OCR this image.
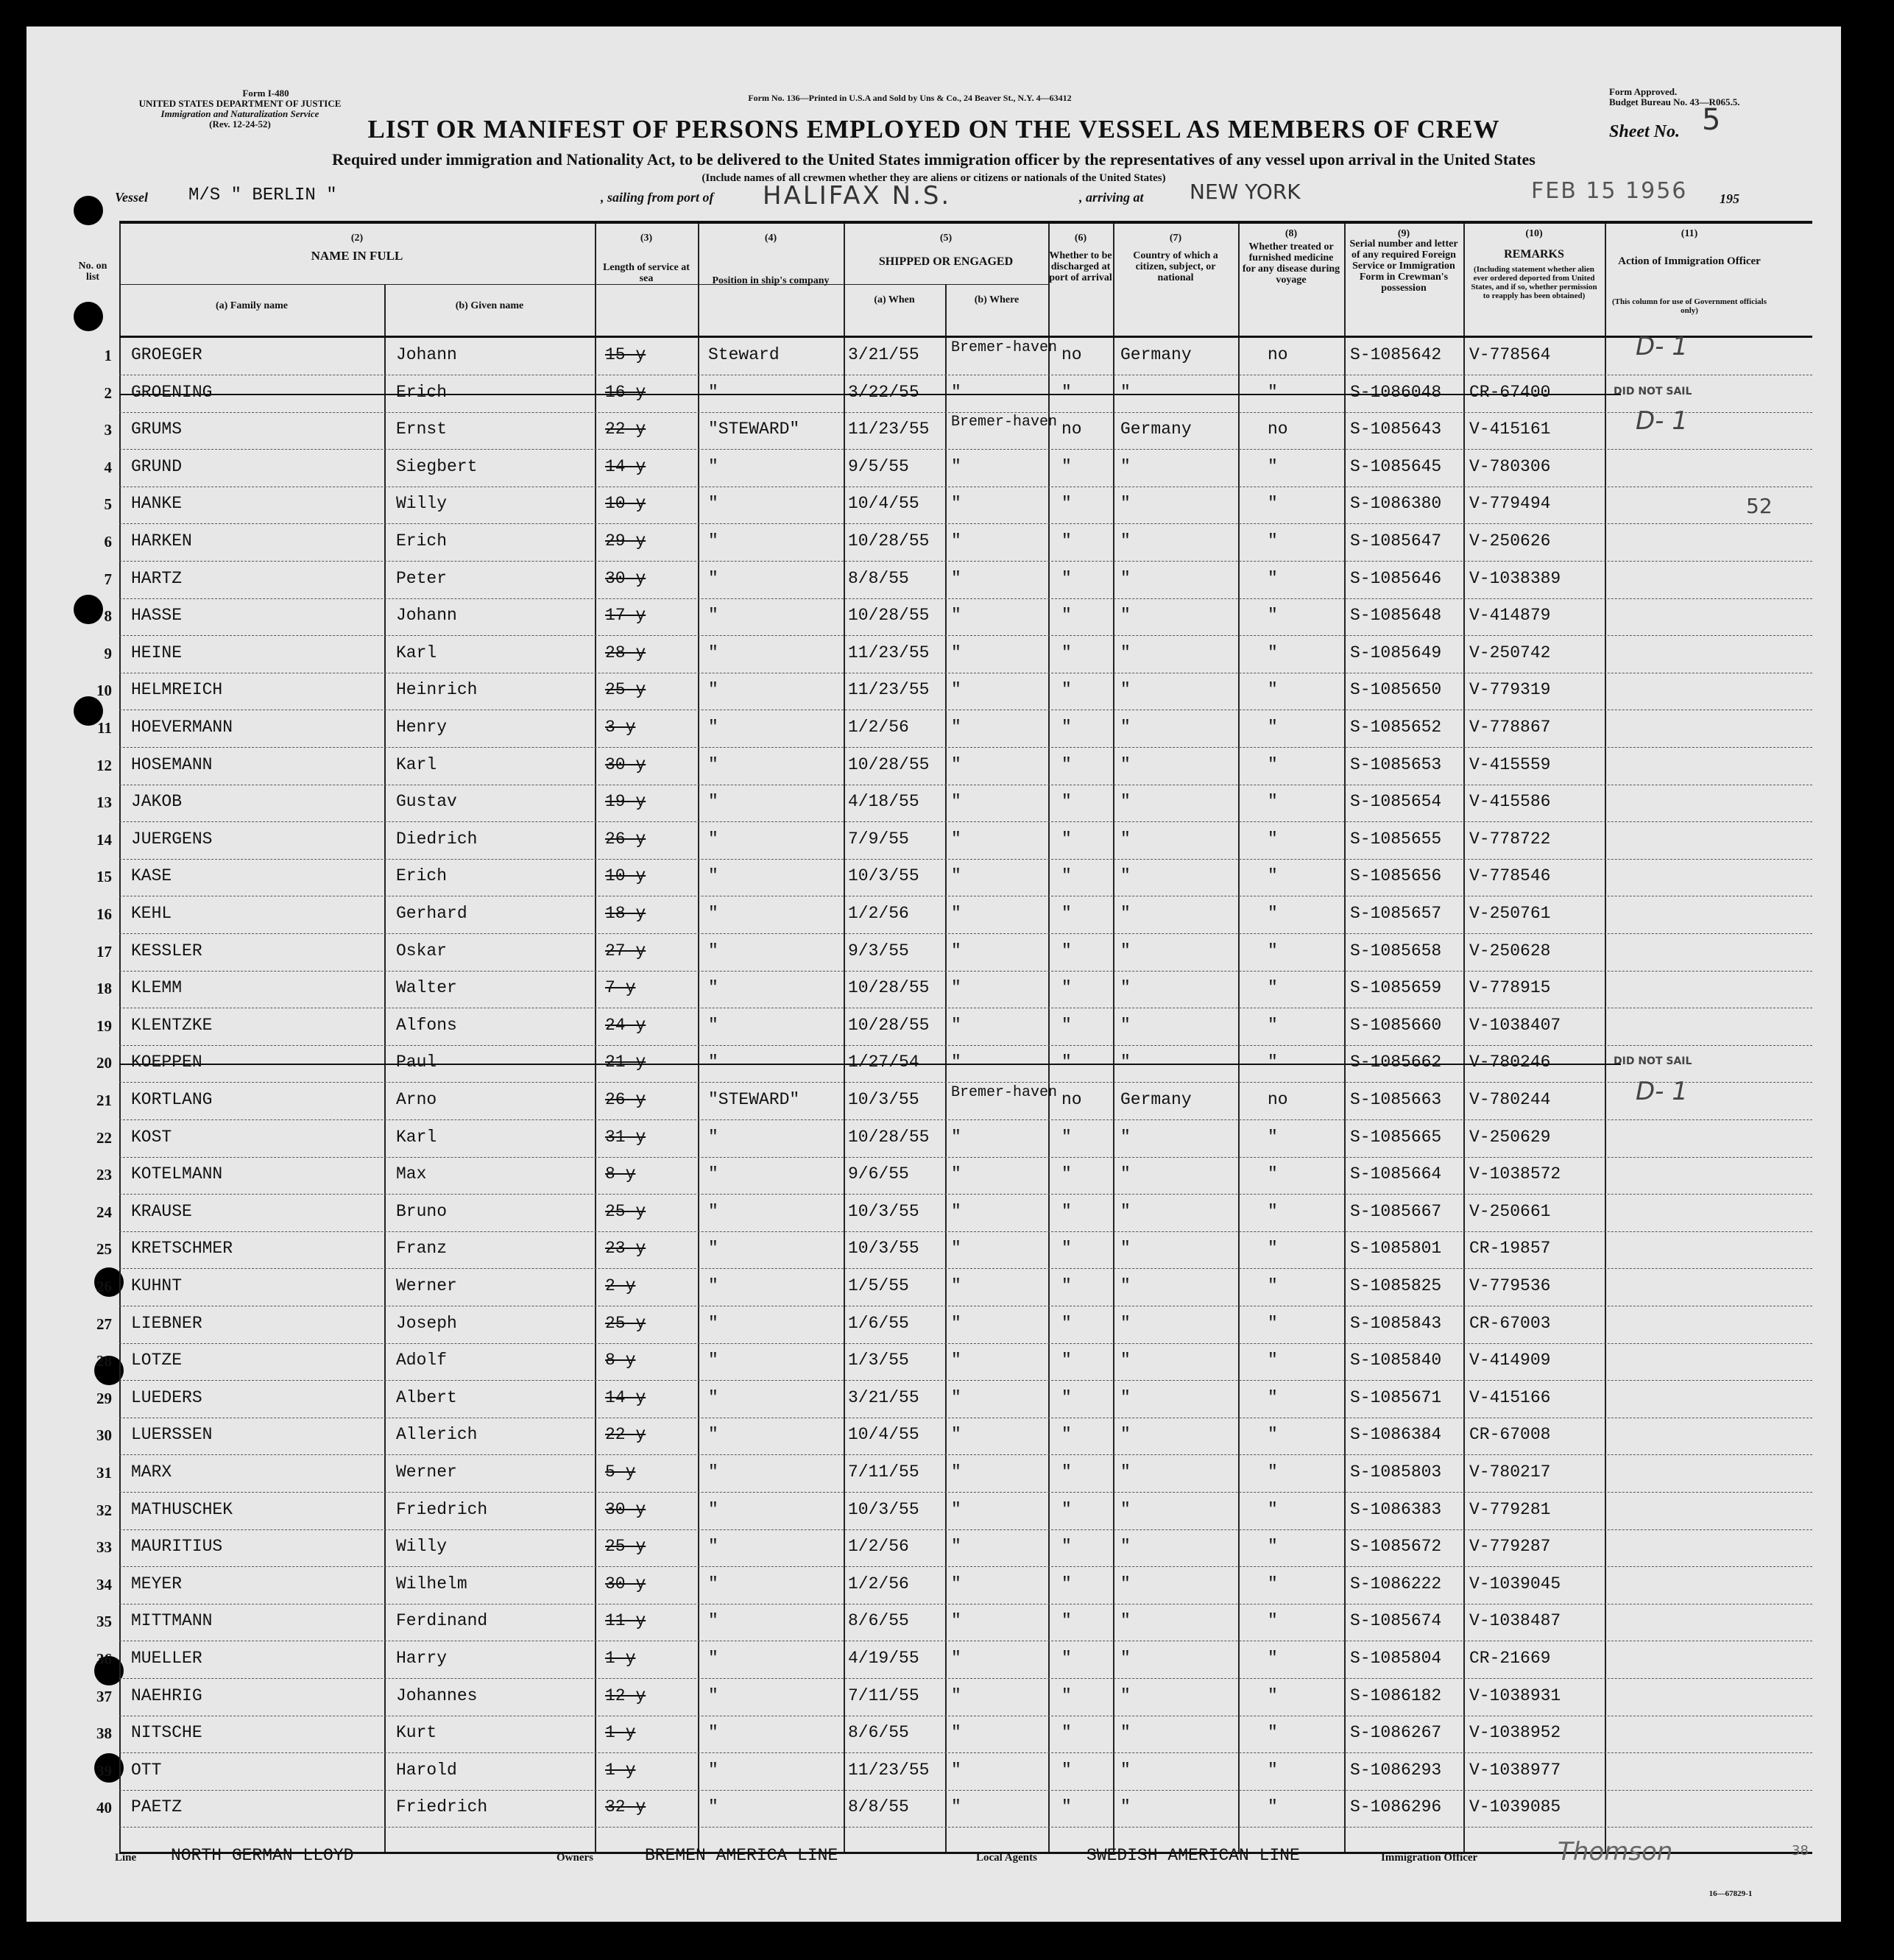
Form I-480
UNITED STATES DEPARTMENT OF JUSTICE
Immigration and Naturalization Service
(Rev. 12-24-52)
Form No. 136—Printed in U.S.A and Sold by Uns & Co., 24 Beaver St., N.Y. 4—63412
Form Approved.
Budget Bureau No. 43—R065.5.
LIST OR MANIFEST OF PERSONS EMPLOYED ON THE VESSEL AS MEMBERS OF CREW	Sheet No. 5
Required under immigration and Nationality Act, to be delivered to the United States immigration officer by the representatives of any vessel upon arrival in the United States
(Include names of all crewmen whether they are aliens or citizens or nationals of the United States)
Vessel M/S " BERLIN "	, sailing from port of HALIFAX N.S.	, arriving at NEW YORK	FEB 15 1956 195
No. on list
(2)
NAME IN FULL
(a) Family name	(b) Given name
(3)
Length of service at sea
(4)
Position in ship's company
(5)
SHIPPED OR ENGAGED
(a) When	(b) Where
(6)
Whether to be discharged at port of arrival
(7)
Country of which a citizen, subject, or national
(8)
Whether treated or furnished medicine for any disease during voyage
(9)
Serial number and letter of any required Foreign Service or Immigration Form in Crewman's possession
(10)
REMARKS
(Including statement whether alien ever ordered deported from United States, and if so, whether permission to reapply has been obtained)
(11)
Action of Immigration Officer
(This column for use of Government officials only)
1 GROEGER	Johann	15 y	Steward	3/21/55 Bremer-haven no Germany	no	S-1085642 V-778564	D- 1
2 GROENING	Erich	16 y	"	3/22/55 "	"	"	"	S-1086048 CR-67400	DID NOT SAIL
3 GRUMS	Ernst	22 y	"STEWARD"	11/23/55 Bremer-haven no Germany	no	S-1085643 V-415161	D- 1
4 GRUND	Siegbert	14 y	"	9/5/55 "	"	"	"	S-1085645 V-780306
5 HANKE	Willy	10 y	"	10/4/55 "	"	"	"	S-1086380 V-779494	52
6 HARKEN	Erich	29 y	"	10/28/55 "	"	"	"	S-1085647 V-250626
7 HARTZ	Peter	30 y	"	8/8/55 "	"	"	"	S-1085646 V-1038389
8 HASSE	Johann	17 y	"	10/28/55 "	"	"	"	S-1085648 V-414879
9 HEINE	Karl	28 y	"	11/23/55 "	"	"	"	S-1085649 V-250742
10 HELMREICH	Heinrich	25 y	"	11/23/55 "	"	"	"	S-1085650 V-779319
11 HOEVERMANN	Henry	3 y	"	1/2/56 "	"	"	"	S-1085652 V-778867
12 HOSEMANN	Karl	30 y	"	10/28/55 "	"	"	"	S-1085653 V-415559
13 JAKOB	Gustav	19 y	"	4/18/55 "	"	"	"	S-1085654 V-415586
14 JUERGENS	Diedrich	26 y	"	7/9/55 "	"	"	"	S-1085655 V-778722
15 KASE	Erich	10 y	"	10/3/55 "	"	"	"	S-1085656 V-778546
16 KEHL	Gerhard	18 y	"	1/2/56 "	"	"	"	S-1085657 V-250761
17 KESSLER	Oskar	27 y	"	9/3/55 "	"	"	"	S-1085658 V-250628
18 KLEMM	Walter	7 y	"	10/28/55 "	"	"	"	S-1085659 V-778915
19 KLENTZKE	Alfons	24 y	"	10/28/55 "	"	"	"	S-1085660 V-1038407
20 KOEPPEN	Paul	21 y	"	1/27/54 "	"	"	"	S-1085662 V-780246	DID NOT SAIL
21 KORTLANG	Arno	26 y	"STEWARD"	10/3/55 Bremer-haven no Germany	no	S-1085663 V-780244	D- 1
22 KOST	Karl	31 y	"	10/28/55 "	"	"	"	S-1085665 V-250629
23 KOTELMANN	Max	8 y	"	9/6/55 "	"	"	"	S-1085664 V-1038572
24 KRAUSE	Bruno	25 y	"	10/3/55 "	"	"	"	S-1085667 V-250661
25 KRETSCHMER	Franz	23 y	"	10/3/55 "	"	"	"	S-1085801 CR-19857
26 KUHNT	Werner	2 y	"	1/5/55 "	"	"	"	S-1085825 V-779536
27 LIEBNER	Joseph	25 y	"	1/6/55 "	"	"	"	S-1085843 CR-67003
28 LOTZE	Adolf	8 y	"	1/3/55 "	"	"	"	S-1085840 V-414909
29 LUEDERS	Albert	14 y	"	3/21/55 "	"	"	"	S-1085671 V-415166
30 LUERSSEN	Allerich	22 y	"	10/4/55 "	"	"	"	S-1086384 CR-67008
31 MARX	Werner	5 y	"	7/11/55 "	"	"	"	S-1085803 V-780217
32 MATHUSCHEK	Friedrich	30 y	"	10/3/55 "	"	"	"	S-1086383 V-779281
33 MAURITIUS	Willy	25 y	"	1/2/56 "	"	"	"	S-1085672 V-779287
34 MEYER	Wilhelm	30 y	"	1/2/56 "	"	"	"	S-1086222 V-1039045
35 MITTMANN	Ferdinand	11 y	"	8/6/55 "	"	"	"	S-1085674 V-1038487
36 MUELLER	Harry	1 y	"	4/19/55 "	"	"	"	S-1085804 CR-21669
37 NAEHRIG	Johannes	12 y	"	7/11/55 "	"	"	"	S-1086182 V-1038931
38 NITSCHE	Kurt	1 y	"	8/6/55 "	"	"	"	S-1086267 V-1038952
39 OTT	Harold	1 y	"	11/23/55 "	"	"	"	S-1086293 V-1038977
40 PAETZ	Friedrich	32 y	"	8/8/55 "	"	"	"	S-1086296 V-1039085
Line NORTH GERMAN LLOYD	Owners	BREMEN AMERICA LINE	Local Agents	SWEDISH AMERICAN LINE	Immigration Officer	Thomson	38
16—67829-1
